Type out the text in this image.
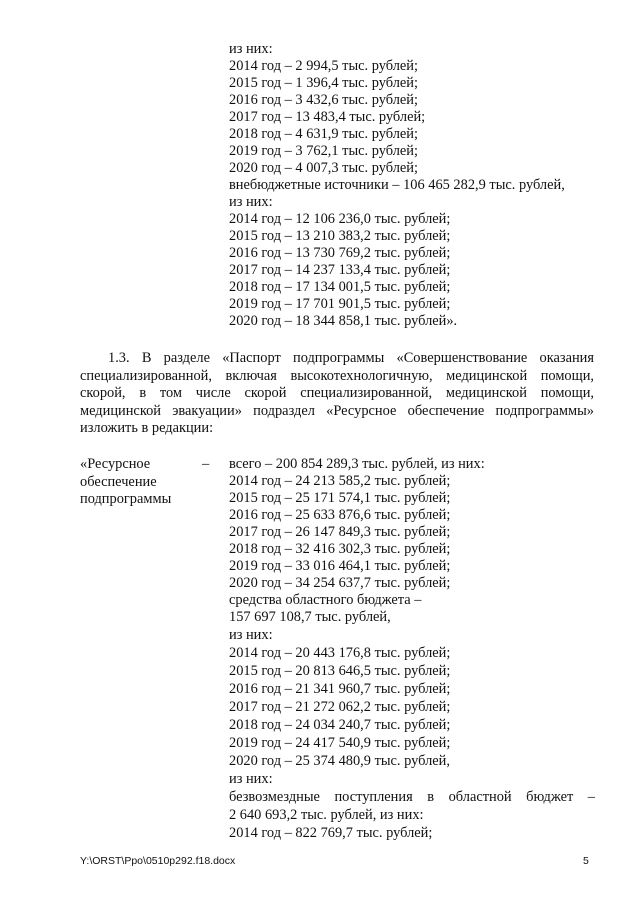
из них:
2014 год – 2 994,5 тыс. рублей;
2015 год – 1 396,4 тыс. рублей;
2016 год – 3 432,6 тыс. рублей;
2017 год – 13 483,4 тыс. рублей;
2018 год – 4 631,9 тыс. рублей;
2019 год – 3 762,1 тыс. рублей;
2020 год – 4 007,3 тыс. рублей;
внебюджетные источники – 106 465 282,9 тыс. рублей,
из них:
2014 год – 12 106 236,0 тыс. рублей;
2015 год – 13 210 383,2 тыс. рублей;
2016 год – 13 730 769,2 тыс. рублей;
2017 год – 14 237 133,4 тыс. рублей;
2018 год – 17 134 001,5 тыс. рублей;
2019 год – 17 701 901,5 тыс. рублей;
2020 год – 18 344 858,1 тыс. рублей».
1.3. В разделе «Паспорт подпрограммы «Совершенствование оказания
специализированной, включая высокотехнологичную, медицинской помощи,
скорой, в том числе скорой специализированной, медицинской помощи,
медицинской эвакуации» подраздел «Ресурсное обеспечение подпрограммы»
изложить в редакции:
«Ресурсное
обеспечение
подпрограммы
– всего – 200 854 289,3 тыс. рублей, из них:
2014 год – 24 213 585,2 тыс. рублей;
2015 год – 25 171 574,1 тыс. рублей;
2016 год – 25 633 876,6 тыс. рублей;
2017 год – 26 147 849,3 тыс. рублей;
2018 год – 32 416 302,3 тыс. рублей;
2019 год – 33 016 464,1 тыс. рублей;
2020 год – 34 254 637,7 тыс. рублей;
средства областного бюджета –
157 697 108,7 тыс. рублей,
из них:
2014 год – 20 443 176,8 тыс. рублей;
2015 год – 20 813 646,5 тыс. рублей;
2016 год – 21 341 960,7 тыс. рублей;
2017 год – 21 272 062,2 тыс. рублей;
2018 год – 24 034 240,7 тыс. рублей;
2019 год – 24 417 540,9 тыс. рублей;
2020 год – 25 374 480,9 тыс. рублей,
из них:
безвозмездные поступления в областной бюджет –
2 640 693,2 тыс. рублей, из них:
2014 год – 822 769,7 тыс. рублей;
Y:\ORST\Ppo\0510p292.f18.docx	5
